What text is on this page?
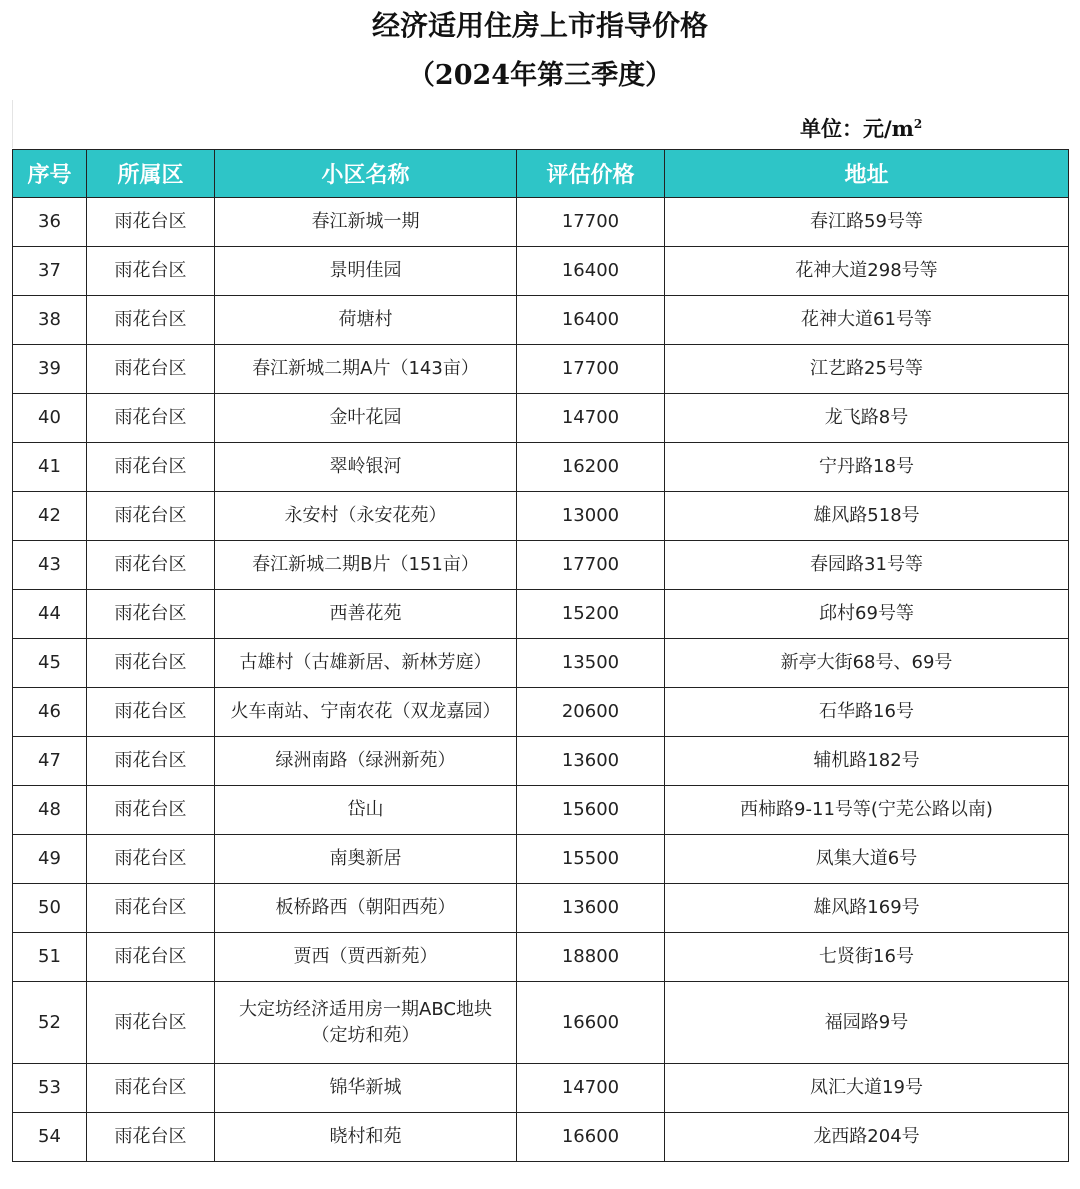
经济适用住房上市指导价格
（2024年第三季度）
单位：元$/m^2$
序号	所属区	小区名称	评估价格	地址
36	雨花台区	春江新城一期	17700	春江路59号等
37	雨花台区	景明佳园	16400	花神大道298号等
38	雨花台区	荷塘村	16400	花神大道61号等
39	雨花台区	春江新城二期A片（143亩）	17700	江艺路25号等
40	雨花台区	金叶花园	14700	龙飞路8号
41	雨花台区	翠岭银河	16200	宁丹路18号
42	雨花台区	永安村（永安花苑）	13000	雄风路518号
43	雨花台区	春江新城二期B片（151亩）	17700	春园路31号等
44	雨花台区	西善花苑	15200	邱村69号等
45	雨花台区	古雄村（古雄新居、新林芳庭）	13500	新亭大街68号、69号
46	雨花台区	火车南站、宁南农花（双龙嘉园）	20600	石华路16号
47	雨花台区	绿洲南路（绿洲新苑）	13600	辅机路182号
48	雨花台区	岱山	15600	西柿路9-11号等(宁芜公路以南)
49	雨花台区	南奥新居	15500	凤集大道6号
50	雨花台区	板桥路西（朝阳西苑）	13600	雄风路169号
51	雨花台区	贾西（贾西新苑）	18800	七贤街16号
52	雨花台区	大定坊经济适用房一期ABC地块
（定坊和苑）	16600	福园路9号
53	雨花台区	锦华新城	14700	凤汇大道19号
54	雨花台区	晓村和苑	16600	龙西路204号
